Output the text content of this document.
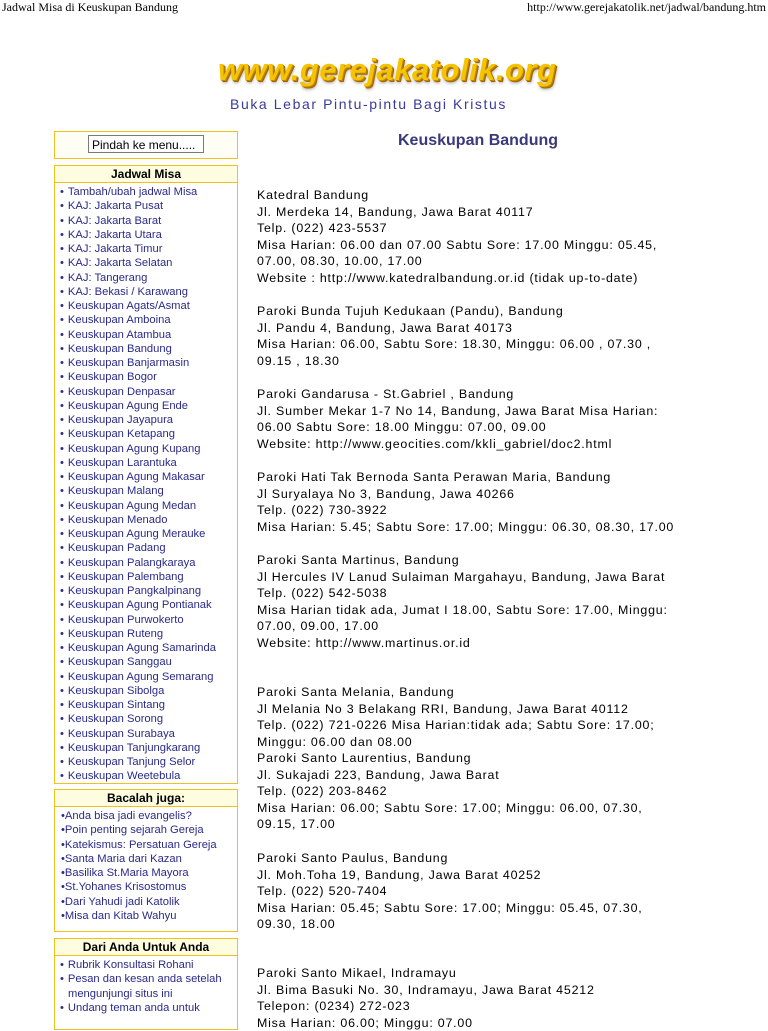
Jadwal Misa di Keuskupan Bandung	http://www.gerejakatolik.net/jadwal/bandung.htm
www.gerejakatolik.org
Buka Lebar Pintu-pintu Bagi Kristus
Pindah ke menu.....
Jadwal Misa
• Tambah/ubah jadwal Misa
• KAJ: Jakarta Pusat
• KAJ: Jakarta Barat
• KAJ: Jakarta Utara
• KAJ: Jakarta Timur
• KAJ: Jakarta Selatan
• KAJ: Tangerang
• KAJ: Bekasi / Karawang
• Keuskupan Agats/Asmat
• Keuskupan Amboina
• Keuskupan Atambua
• Keuskupan Bandung
• Keuskupan Banjarmasin
• Keuskupan Bogor
• Keuskupan Denpasar
• Keuskupan Agung Ende
• Keuskupan Jayapura
• Keuskupan Ketapang
• Keuskupan Agung Kupang
• Keuskupan Larantuka
• Keuskupan Agung Makasar
• Keuskupan Malang
• Keuskupan Agung Medan
• Keuskupan Menado
• Keuskupan Agung Merauke
• Keuskupan Padang
• Keuskupan Palangkaraya
• Keuskupan Palembang
• Keuskupan Pangkalpinang
• Keuskupan Agung Pontianak
• Keuskupan Purwokerto
• Keuskupan Ruteng
• Keuskupan Agung Samarinda
• Keuskupan Sanggau
• Keuskupan Agung Semarang
• Keuskupan Sibolga
• Keuskupan Sintang
• Keuskupan Sorong
• Keuskupan Surabaya
• Keuskupan Tanjungkarang
• Keuskupan Tanjung Selor
• Keuskupan Weetebula
Bacalah juga:
•Anda bisa jadi evangelis?
•Poin penting sejarah Gereja
•Katekismus: Persatuan Gereja
•Santa Maria dari Kazan
•Basilika St.Maria Mayora
•St.Yohanes Krisostomus
•Dari Yahudi jadi Katolik
•Misa dan Kitab Wahyu
Dari Anda Untuk Anda
• Rubrik Konsultasi Rohani
• Pesan dan kesan anda setelah
mengunjungi situs ini
• Undang teman anda untuk
Keuskupan Bandung
Katedral Bandung
Jl. Merdeka 14, Bandung, Jawa Barat 40117
Telp. (022) 423-5537
Misa Harian: 06.00 dan 07.00 Sabtu Sore: 17.00 Minggu: 05.45,
07.00, 08.30, 10.00, 17.00
Website : http://www.katedralbandung.or.id (tidak up-to-date)
Paroki Bunda Tujuh Kedukaan (Pandu), Bandung
Jl. Pandu 4, Bandung, Jawa Barat 40173
Misa Harian: 06.00, Sabtu Sore: 18.30, Minggu: 06.00 , 07.30 ,
09.15 , 18.30
Paroki Gandarusa - St.Gabriel , Bandung
Jl. Sumber Mekar 1-7 No 14, Bandung, Jawa Barat Misa Harian:
06.00 Sabtu Sore: 18.00 Minggu: 07.00, 09.00
Website: http://www.geocities.com/kkli_gabriel/doc2.html
Paroki Hati Tak Bernoda Santa Perawan Maria, Bandung
Jl Suryalaya No 3, Bandung, Jawa 40266
Telp. (022) 730-3922
Misa Harian: 5.45; Sabtu Sore: 17.00; Minggu: 06.30, 08.30, 17.00
Paroki Santa Martinus, Bandung
Jl Hercules IV Lanud Sulaiman Margahayu, Bandung, Jawa Barat
Telp. (022) 542-5038
Misa Harian tidak ada, Jumat I 18.00, Sabtu Sore: 17.00, Minggu:
07.00, 09.00, 17.00
Website: http://www.martinus.or.id
Paroki Santa Melania, Bandung
Jl Melania No 3 Belakang RRI, Bandung, Jawa Barat 40112
Telp. (022) 721-0226 Misa Harian:tidak ada; Sabtu Sore: 17.00;
Minggu: 06.00 dan 08.00
Paroki Santo Laurentius, Bandung
Jl. Sukajadi 223, Bandung, Jawa Barat
Telp. (022) 203-8462
Misa Harian: 06.00; Sabtu Sore: 17.00; Minggu: 06.00, 07.30,
09.15, 17.00
Paroki Santo Paulus, Bandung
Jl. Moh.Toha 19, Bandung, Jawa Barat 40252
Telp. (022) 520-7404
Misa Harian: 05.45; Sabtu Sore: 17.00; Minggu: 05.45, 07.30,
09.30, 18.00
Paroki Santo Mikael, Indramayu
Jl. Bima Basuki No. 30, Indramayu, Jawa Barat 45212
Telepon: (0234) 272-023
Misa Harian: 06.00; Minggu: 07.00
